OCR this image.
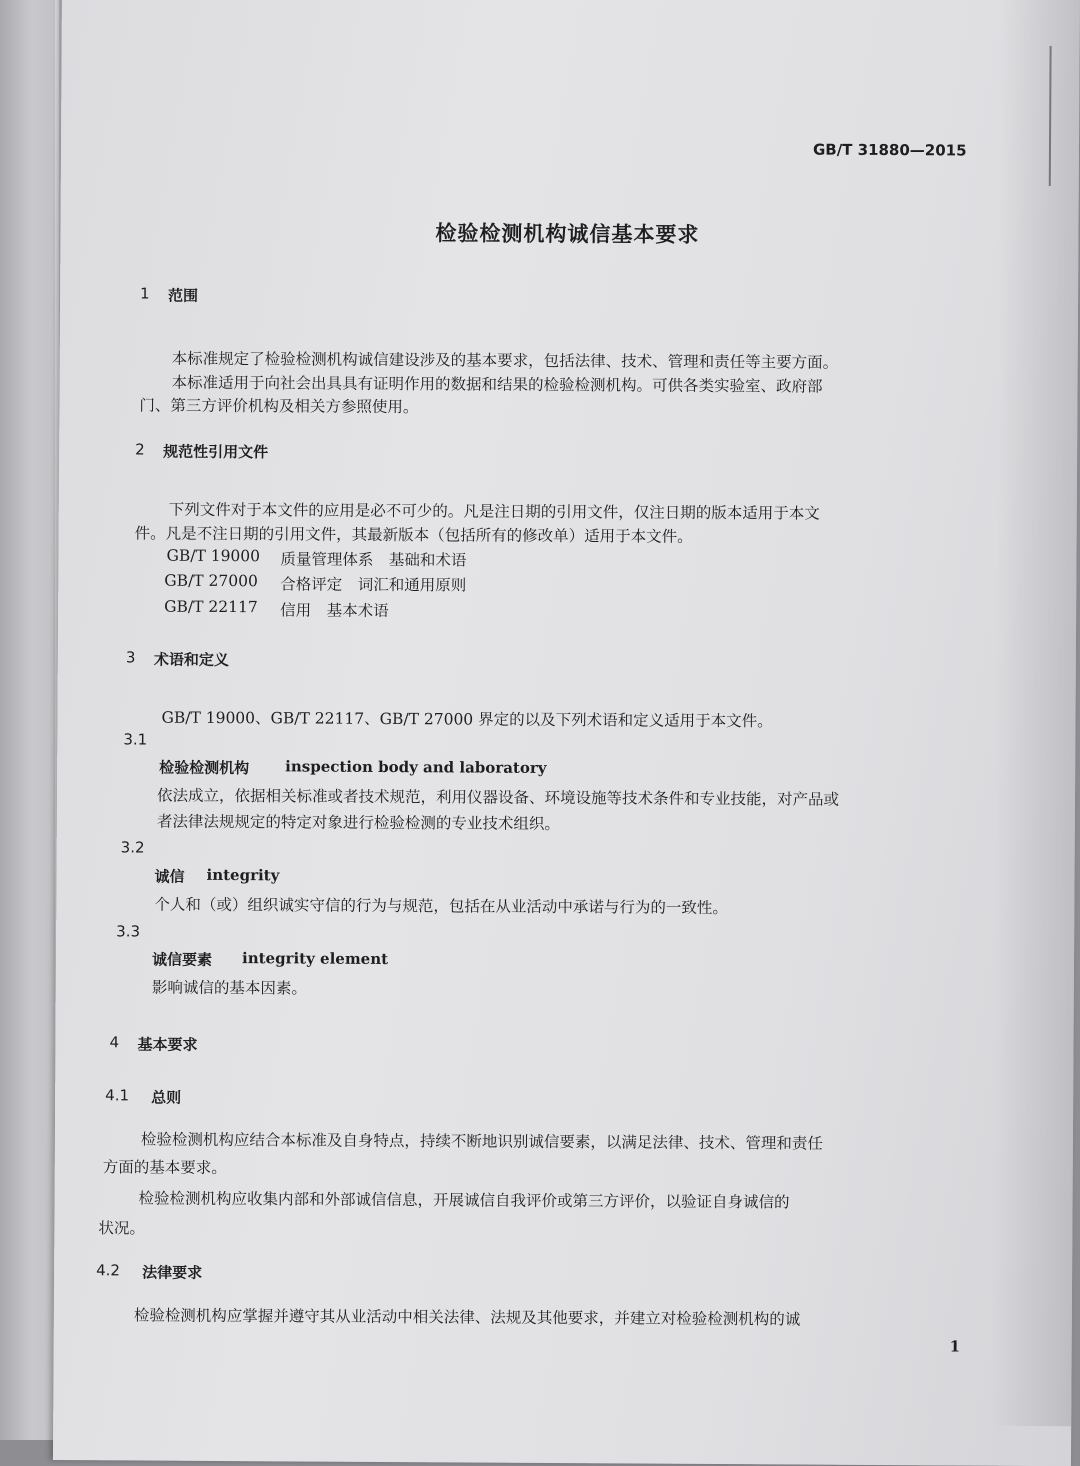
GB/T 31880—2015
检验检测机构诚信基本要求
1 范围
本标准规定了检验检测机构诚信建设涉及的基本要求，包括法律、技术、管理和责任等主要方面。
本标准适用于向社会出具具有证明作用的数据和结果的检验检测机构。可供各类实验室、政府部
门、第三方评价机构及相关方参照使用。
2 规范性引用文件
下列文件对于本文件的应用是必不可少的。凡是注日期的引用文件，仅注日期的版本适用于本文
件。凡是不注日期的引用文件，其最新版本（包括所有的修改单）适用于本文件。
GB/T 19000 质量管理体系　基础和术语
GB/T 27000 合格评定　词汇和通用原则
GB/T 22117 信用　基本术语
3 术语和定义
GB/T 19000、GB/T 22117、GB/T 27000 界定的以及下列术语和定义适用于本文件。
3.1
检验检测机构 inspection body and laboratory
依法成立，依据相关标准或者技术规范，利用仪器设备、环境设施等技术条件和专业技能，对产品或
者法律法规规定的特定对象进行检验检测的专业技术组织。
3.2
诚信 integrity
个人和（或）组织诚实守信的行为与规范，包括在从业活动中承诺与行为的一致性。
3.3
诚信要素 integrity element
影响诚信的基本因素。
4 基本要求
4.1 总则
检验检测机构应结合本标准及自身特点，持续不断地识别诚信要素，以满足法律、技术、管理和责任
方面的基本要求。
检验检测机构应收集内部和外部诚信信息，开展诚信自我评价或第三方评价，以验证自身诚信的
状况。
4.2 法律要求
检验检测机构应掌握并遵守其从业活动中相关法律、法规及其他要求，并建立对检验检测机构的诚
1
